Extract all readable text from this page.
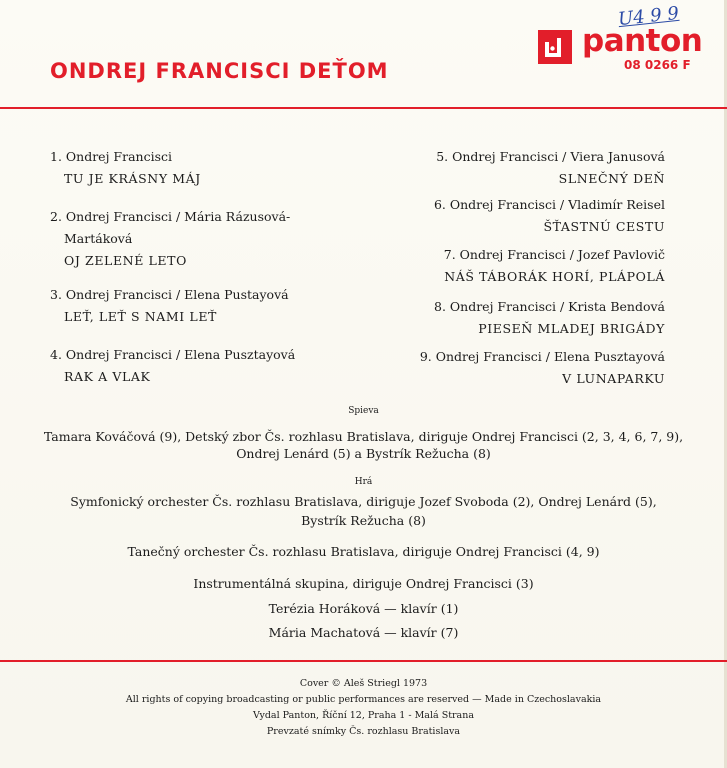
U4 9 9
panton
08 0266 F
ONDREJ FRANCISCI DEŤOM
1. Ondrej Francisci
TU JE KRÁSNY MÁJ
2. Ondrej Francisci / Mária Rázusová-
Martáková
OJ ZELENÉ LETO
3. Ondrej Francisci / Elena Pustayová
LEŤ, LEŤ S NAMI LEŤ
4. Ondrej Francisci / Elena Pusztayová
RAK A VLAK
5. Ondrej Francisci / Viera Janusová
SLNEČNÝ DEŇ
6. Ondrej Francisci / Vladimír Reisel
ŠŤASTNÚ CESTU
7. Ondrej Francisci / Jozef Pavlovič
NÁŠ TÁBORÁK HORÍ, PLÁPOLÁ
8. Ondrej Francisci / Krista Bendová
PIESEŇ MLADEJ BRIGÁDY
9. Ondrej Francisci / Elena Pusztayová
V LUNAPARKU
Spieva
Tamara Kováčová (9), Detský zbor Čs. rozhlasu Bratislava, diriguje Ondrej Francisci (2, 3, 4, 6, 7, 9),
Ondrej Lenárd (5) a Bystrík Režucha (8)
Hrá
Symfonický orchester Čs. rozhlasu Bratislava, diriguje Jozef Svoboda (2), Ondrej Lenárd (5),
Bystrík Režucha (8)
Tanečný orchester Čs. rozhlasu Bratislava, diriguje Ondrej Francisci (4, 9)
Instrumentálná skupina, diriguje Ondrej Francisci (3)
Terézia Horáková — klavír (1)
Mária Machatová — klavír (7)
Cover © Aleš Striegl 1973
All rights of copying broadcasting or public performances are reserved — Made in Czechoslavakia
Vydal Panton, Říční 12, Praha 1 - Malá Strana
Prevzaté snímky Čs. rozhlasu Bratislava
